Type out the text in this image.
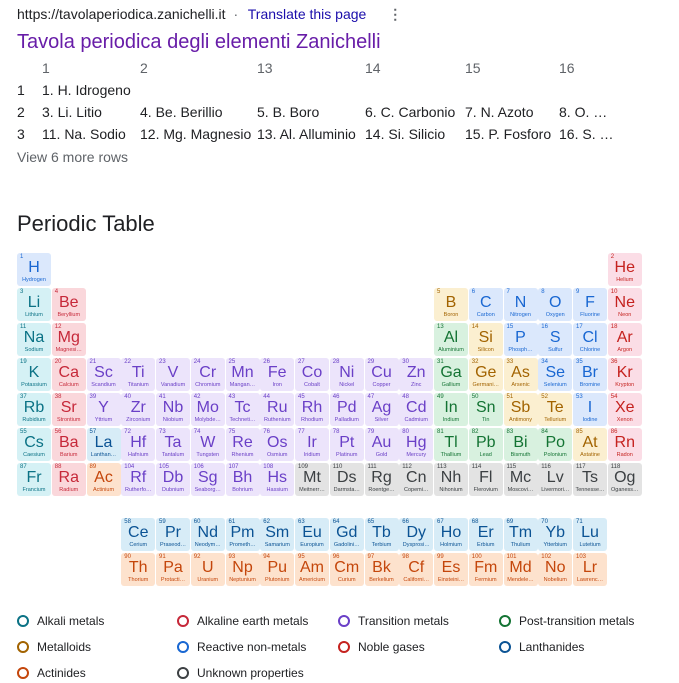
https://tavolaperiodica.zanichelli.it · Translate this page ⋮
Tavola periodica degli elementi Zanichelli
1	2	13	14	15	16
1 1. H. Idrogeno
2 3. Li. Litio	4. Be. Berillio 5. B. Boro	6. C. Carbonio 7. N. Azoto 8. O. …
3 11. Na. Sodio 12. Mg. Magnesio 13. Al. Alluminio 14. Si. Silicio 15. P. Fosforo 16. S. …
View 6 more rows
Periodic Table
1
H
Hydrogen
2
He
Helium
3
Li
Lithium
4
Be
Beryllium
5
B
Boron
6
C
Carbon
7
N
Nitrogen
8
O
Oxygen
9
F
Fluorine
10
Ne
Neon
11
Na
Sodium
12
Mg
Magnesi…
13
Al
Aluminium
14
Si
Silicon
15
P
Phosph…
16
S
Sulfur
17
Cl
Chlorine
18
Ar
Argon
19
K
Potassium
20
Ca
Calcium
21
Sc
Scandium
22
Ti
Titanium
23
V
Vanadium
24
Cr
Chromium
25
Mn
Mangan…
26
Fe
Iron
27
Co
Cobalt
28
Ni
Nickel
29
Cu
Copper
30
Zn
Zinc
31
Ga
Gallium
32
Ge
Germani…
33
As
Arsenic
34
Se
Selenium
35
Br
Bromine
36
Kr
Krypton
37
Rb
Rubidium
38
Sr
Strontium
39
Y
Yttrium
40
Zr
Zirconium
41
Nb
Niobium
42
Mo
Molybde…
43
Tc
Techneti…
44
Ru
Ruthenium
45
Rh
Rhodium
46
Pd
Palladium
47
Ag
Silver
48
Cd
Cadmium
49
In
Indium
50
Sn
Tin
51
Sb
Antimony
52
Te
Tellurium
53
I
Iodine
54
Xe
Xenon
55
Cs
Caesium
56
Ba
Barium
57
La
Lanthan…
72
Hf
Hafnium
73
Ta
Tantalum
74
W
Tungsten
75
Re
Rhenium
76
Os
Osmium
77
Ir
Iridium
78
Pt
Platinum
79
Au
Gold
80
Hg
Mercury
81
Tl
Thallium
82
Pb
Lead
83
Bi
Bismuth
84
Po
Polonium
85
At
Astatine
86
Rn
Radon
87
Fr
Francium
88
Ra
Radium
89
Ac
Actinium
104
Rf
Rutherfo…
105
Db
Dubnium
106
Sg
Seaborg…
107
Bh
Bohrium
108
Hs
Hassium
109
Mt
Meitnerr…
110
Ds
Darmsta…
111
Rg
Roentge…
112
Cn
Copemi…
113
Nh
Nihonium
114
Fl
Flerovium
115
Mc
Moscovi…
116
Lv
Livermori…
117
Ts
Tennesse…
118
Og
Oganess…
58
Ce
Cerium
59
Pr
Praseod…
60
Nd
Neodym…
61
Pm
Prometh…
62
Sm
Samarium
63
Eu
Europium
64
Gd
Gadolini…
65
Tb
Terbium
66
Dy
Dysprosi…
67
Ho
Holmium
68
Er
Erbium
69
Tm
Thulium
70
Yb
Ytterbium
71
Lu
Lutetium
90
Th
Thorium
91
Pa
Protacti…
92
U
Uranium
93
Np
Neptunium
94
Pu
Plutonium
95
Am
Americium
96
Cm
Curium
97
Bk
Berkelium
98
Cf
Californi…
99
Es
Einsteini…
100
Fm
Fermium
101
Md
Mendele…
102
No
Nobelium
103
Lr
Lawrenc…
Alkali metals	Alkaline earth metals	Transition metals	Post-transition metals
Metalloids	Reactive non-metals	Noble gases	Lanthanides
Actinides	Unknown properties
